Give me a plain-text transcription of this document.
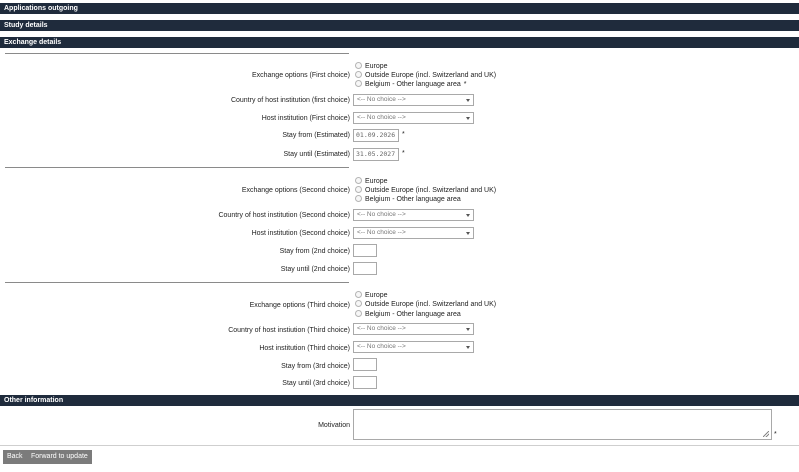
Applications outgoing
Study details
Exchange details
Exchange options (First choice)
Europe
Outside Europe (incl. Switzerland and UK)
Belgium - Other language area *
Country of host institution (first choice)	<-- No choice -->
Host institution (First choice)	<-- No choice -->
Stay from (Estimated) 01.09.2026 *
Stay until (Estimated) 31.05.2027 *
Exchange options (Second choice)
Europe
Outside Europe (incl. Switzerland and UK)
Belgium - Other language area
Country of host institution (Second choice)	<-- No choice -->
Host institution (Second choice)	<-- No choice -->
Stay from (2nd choice)
Stay until (2nd choice)
Exchange options (Third choice)
Europe
Outside Europe (incl. Switzerland and UK)
Belgium - Other language area
Country of host instiution (Third choice)	<-- No choice -->
Host institution (Third choice)	<-- No choice -->
Stay from (3rd choice)
Stay until (3rd choice)
Other information
Motivation
*
Back	Forward to update
